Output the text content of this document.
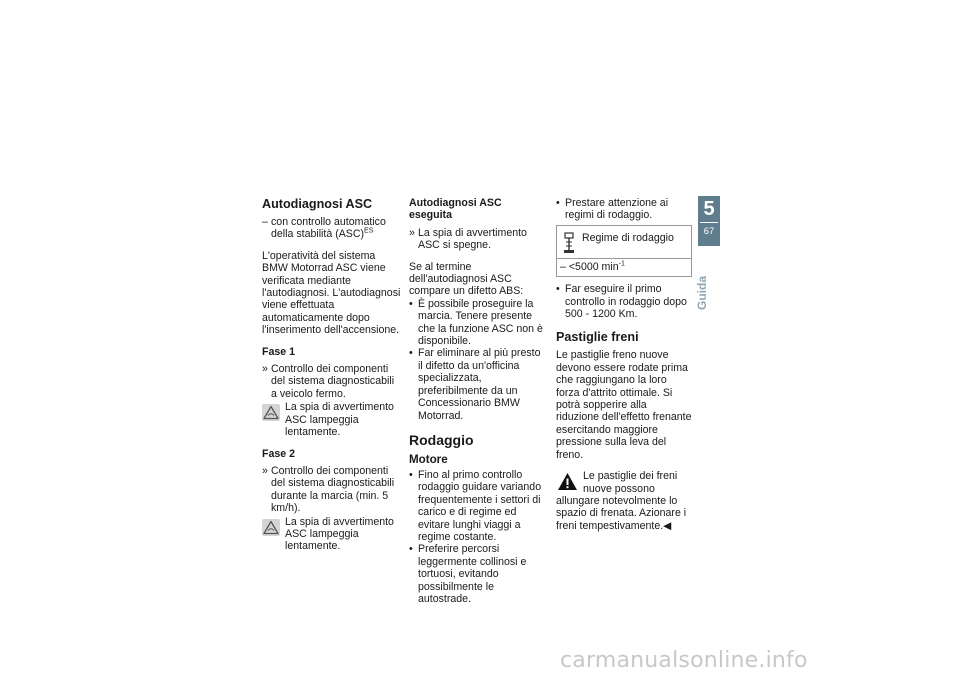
Autodiagnosi ASC
– con controllo automatico della stabilità (ASC)$^{ES}$
L'operatività del sistema BMW Motorrad ASC viene verificata mediante l'autodiagnosi. L'autodiagnosi viene effettuata automaticamente dopo l'inserimento dell'accensione.
Fase 1
» Controllo dei componenti del sistema diagnosticabili a veicolo fermo.
La spia di avvertimento ASC lampeggia lentamente.
Fase 2
» Controllo dei componenti del sistema diagnosticabili durante la marcia (min. 5 km/h).
La spia di avvertimento ASC lampeggia lentamente.
Autodiagnosi ASC eseguita
» La spia di avvertimento ASC si spegne.
Se al termine dell'autodiagnosi ASC compare un difetto ABS:
• È possibile proseguire la marcia. Tenere presente che la funzione ASC non è disponibile.
• Far eliminare al più presto il difetto da un'officina specializzata, preferibilmente da un Concessionario BMW Motorrad.
Rodaggio
Motore
• Fino al primo controllo rodaggio guidare variando frequentemente i settori di carico e di regime ed evitare lunghi viaggi a regime costante.
• Preferire percorsi leggermente collinosi e tortuosi, evitando possibilmente le autostrade.
• Prestare attenzione ai regimi di rodaggio.
Regime di rodaggio
– <5000 $\min^{-1}$
• Far eseguire il primo controllo in rodaggio dopo 500 - 1200 Km.
Pastiglie freni
Le pastiglie freno nuove devono essere rodate prima che raggiungano la loro forza d'attrito ottimale. Si potrà sopperire alla riduzione dell'effetto frenante esercitando maggiore pressione sulla leva del freno.
Le pastiglie dei freni nuove possono allungare notevolmente lo spazio di frenata. Azionare i freni tempestivamente.◀
5
67
Guida
carmanualsonline.info
